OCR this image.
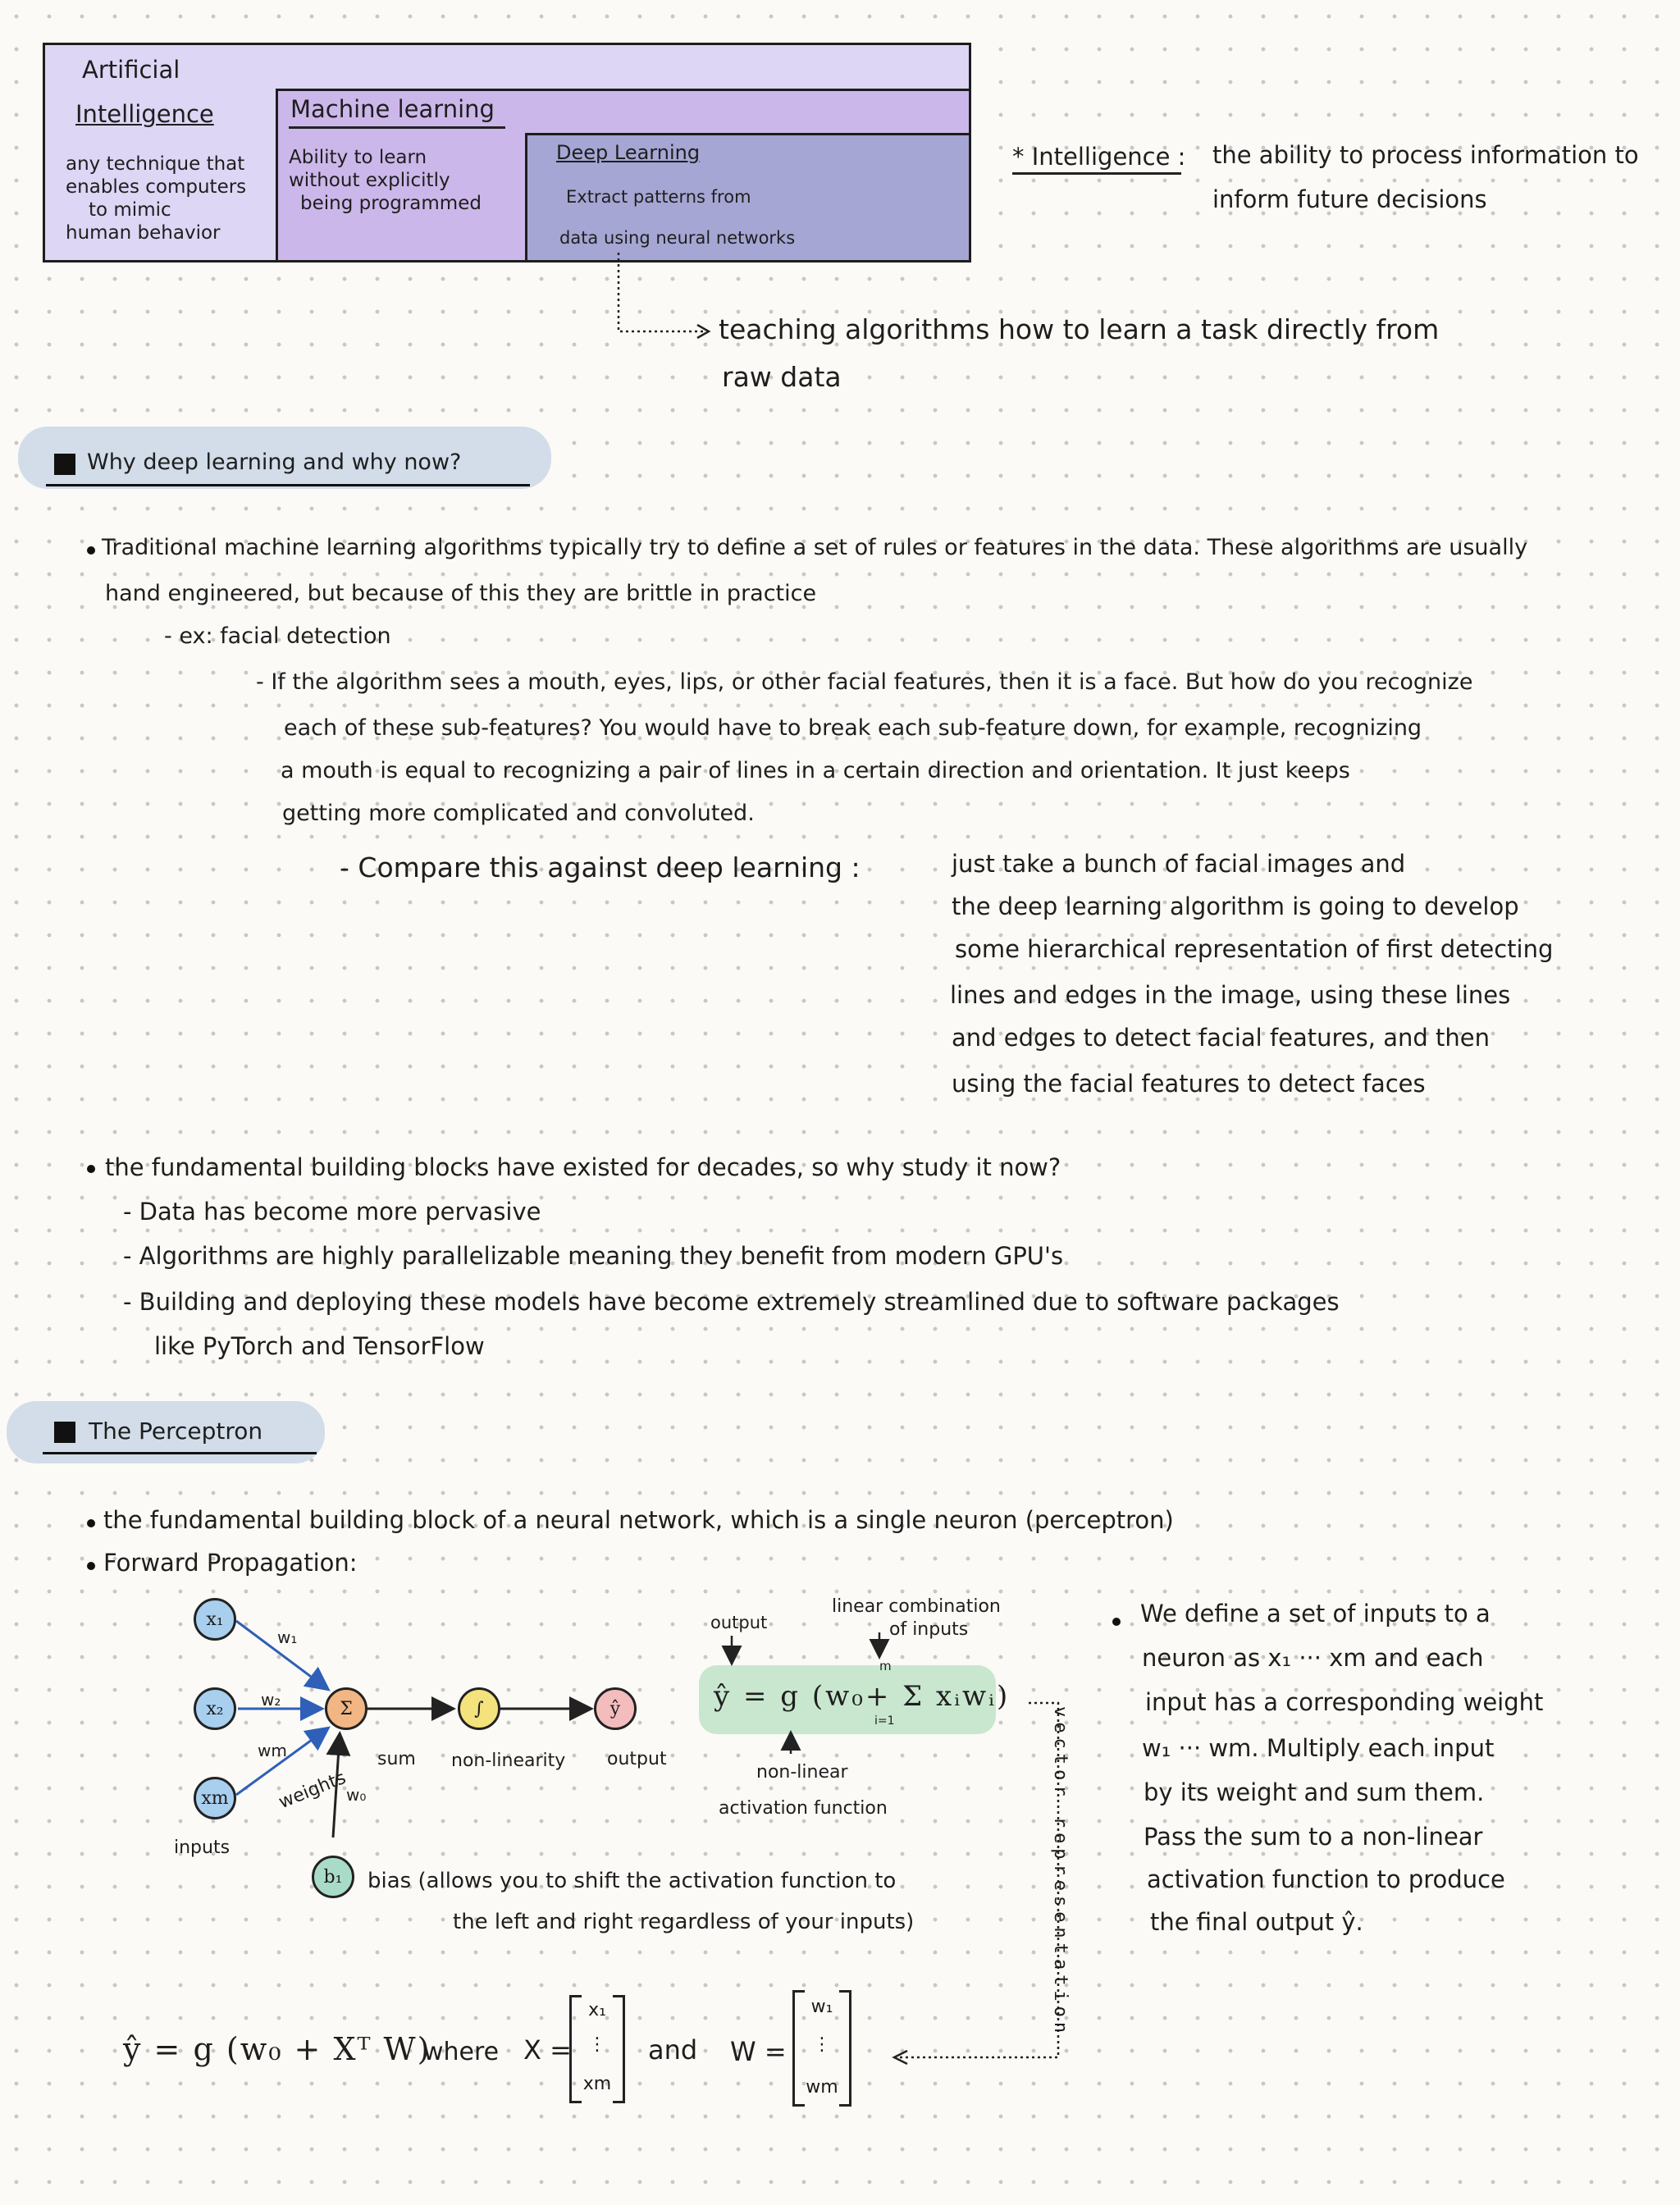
Artificial
Intelligence
any technique that
enables computers
to mimic
human behavior
Machine learning
Ability to learn
without explicitly
being programmed
Deep Learning
Extract patterns from
data using neural networks
teaching algorithms how to learn a task directly from
raw data
* Intelligence : the ability to process information to
inform future decisions
Why deep learning and why now?
Traditional machine learning algorithms typically try to define a set of rules or features in the data. These algorithms are usually
hand engineered, but because of this they are brittle in practice
- ex: facial detection
- If the algorithm sees a mouth, eyes, lips, or other facial features, then it is a face. But how do you recognize
each of these sub-features? You would have to break each sub-feature down, for example, recognizing
a mouth is equal to recognizing a pair of lines in a certain direction and orientation. It just keeps
getting more complicated and convoluted.
- Compare this against deep learning :	just take a bunch of facial images and
the deep learning algorithm is going to develop
some hierarchical representation of first detecting
lines and edges in the image, using these lines
and edges to detect facial features, and then
using the facial features to detect faces
the fundamental building blocks have existed for decades, so why study it now?
- Data has become more pervasive
- Algorithms are highly parallelizable meaning they benefit from modern GPU's
- Building and deploying these models have become extremely streamlined due to software packages
like PyTorch and TensorFlow
The Perceptron
the fundamental building block of a neural network, which is a single neuron (perceptron)
Forward Propagation:
x₁
x₂
xm
Σ	∫	ŷ
b₁
w₁
w₂
wm
weights
w₀
inputs
sum non-linearity output
bias (allows you to shift the activation function to
the left and right regardless of your inputs)
output
linear combination
of inputs
m
i=1
ŷ = g (w₀+ Σ xᵢwᵢ)
non-linear
activation function	vector representation
We define a set of inputs to a
neuron as x₁ ··· xm and each
input has a corresponding weight
w₁ ··· wm. Multiply each input
by its weight and sum them.
Pass the sum to a non-linear
activation function to produce
the final output ŷ.
ŷ = g (w₀ + Xᵀ W)
where X =
x₁
⋮
xm
and W =
w₁
⋮
wm
